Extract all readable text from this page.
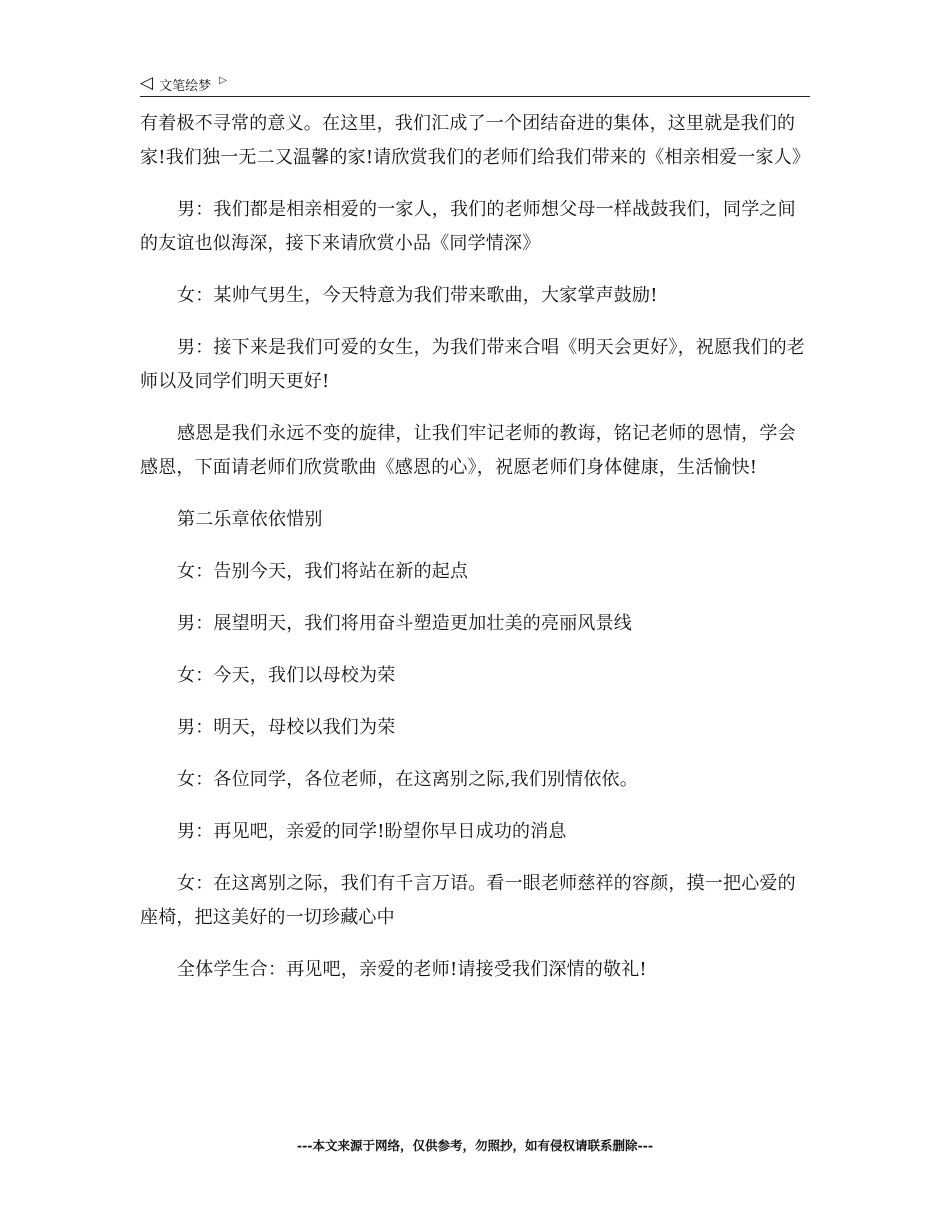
◁ 文笔绘梦 ▷

有着极不寻常的意义。在这里，我们汇成了一个团结奋进的集体，这里就是我们的家!我们独一无二又温馨的家!请欣赏我们的老师们给我们带来的《相亲相爱一家人》

男：我们都是相亲相爱的一家人，我们的老师想父母一样战鼓我们，同学之间的友谊也似海深，接下来请欣赏小品《同学情深》

女：某帅气男生，今天特意为我们带来歌曲，大家掌声鼓励!

男：接下来是我们可爱的女生，为我们带来合唱《明天会更好》，祝愿我们的老师以及同学们明天更好!

感恩是我们永远不变的旋律，让我们牢记老师的教诲，铭记老师的恩情，学会感恩，下面请老师们欣赏歌曲《感恩的心》，祝愿老师们身体健康，生活愉快!

第二乐章依依惜别

女：告别今天，我们将站在新的起点

男：展望明天，我们将用奋斗塑造更加壮美的亮丽风景线

女：今天，我们以母校为荣

男：明天，母校以我们为荣

女：各位同学，各位老师，在这离别之际,我们别情依依。

男：再见吧，亲爱的同学!盼望你早日成功的消息

女：在这离别之际，我们有千言万语。看一眼老师慈祥的容颜，摸一把心爱的座椅，把这美好的一切珍藏心中

全体学生合：再见吧，亲爱的老师!请接受我们深情的敬礼!

---本文来源于网络，仅供参考，勿照抄，如有侵权请联系删除---
